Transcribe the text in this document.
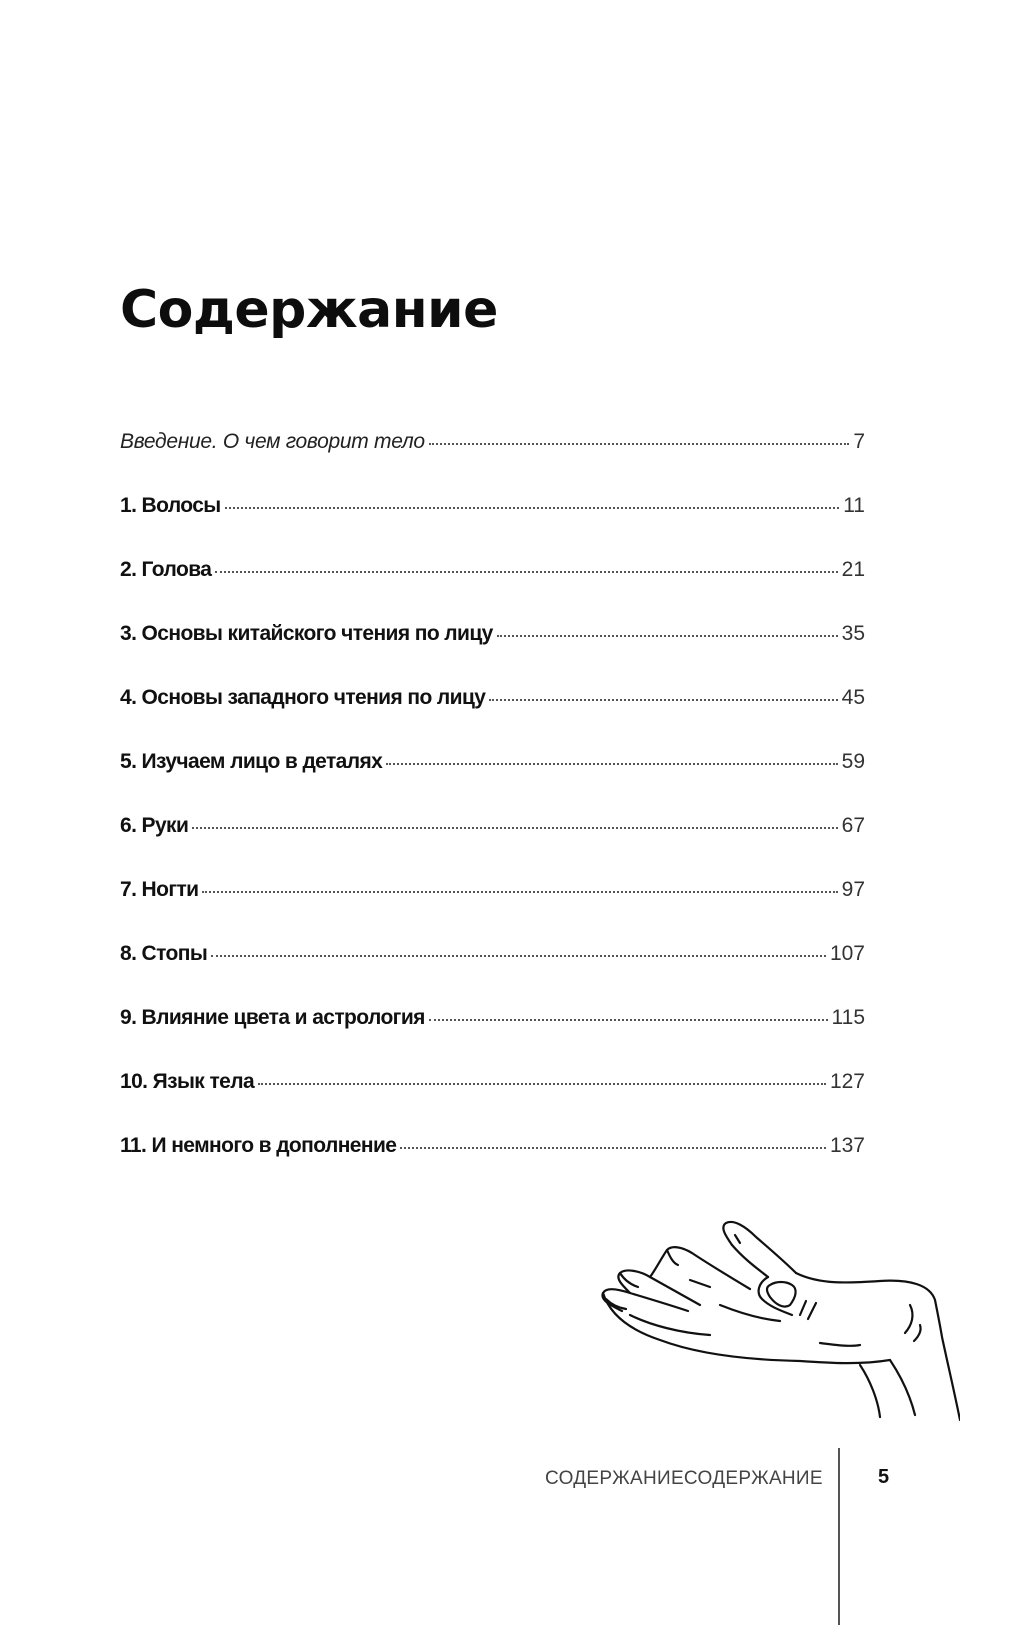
Содержание
Введение. О чем говорит тело	7
1. Волосы	11
2. Голова	21
3. Основы китайского чтения по лицу	35
4. Основы западного чтения по лицу	45
5. Изучаем лицо в деталях	59
6. Руки	67
7. Ногти	97
8. Стопы	107
9. Влияние цвета и астрология	115
10. Язык тела	127
11. И немного в дополнение	137
СОДЕРЖАНИЕСОДЕРЖАНИЕ	5
